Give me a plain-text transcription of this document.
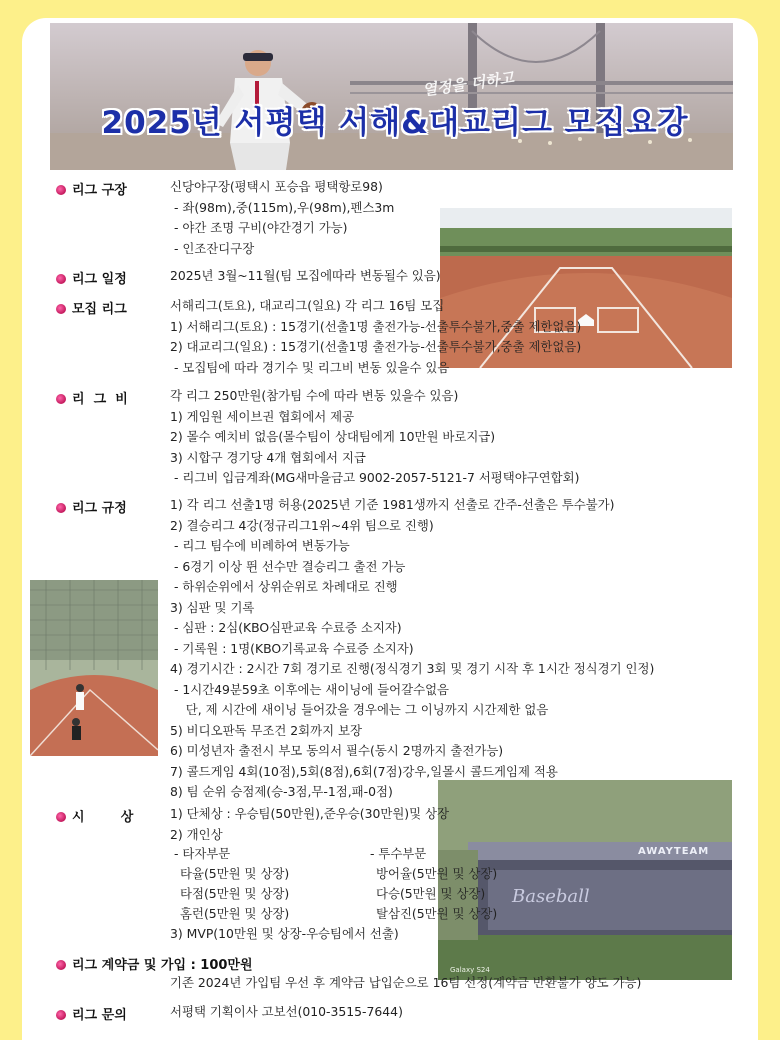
열정을 더하고
2025년 서평택 서해&대교리그 모집요강
AWAYTEAM
Baseball
Galaxy S24
리그 구장
리그 일정
모집 리그
리  그  비
리그 규정
시        상
리그 계약금 및 가입 : 100만원
리그 문의
신당야구장(평택시 포승읍 평택항로98)
- 좌(98m),중(115m),우(98m),펜스3m
- 야간 조명 구비(야간경기 가능)
- 인조잔디구장
2025년 3월~11월(팀 모집에따라 변동될수 있음)
서해리그(토요), 대교리그(일요) 각 리그 16팀 모집
1) 서해리그(토요) : 15경기(선출1명 출전가능-선출투수불가,중출 제한없음)
2) 대교리그(일요) : 15경기(선출1명 출전가능-선출투수불가,중출 제한없음)
- 모집팀에 따라 경기수 및 리그비 변동 있을수 있음
각 리그 250만원(참가팀 수에 따라 변동 있을수 있음)
1) 게임원 세이브권 협회에서 제공
2) 몰수 예치비 없음(몰수팀이 상대팀에게 10만원 바로지급)
3) 시합구 경기당 4개 협회에서 지급
- 리그비 입금계좌(MG새마을금고 9002-2057-5121-7 서평택야구연합회)
1) 각 리그 선출1명 허용(2025년 기준 1981생까지 선출로 간주-선출은 투수불가)
2) 결승리그 4강(정규리그1위~4위 팀으로 진행)
- 리그 팀수에 비례하여 변동가능
- 6경기 이상 뛴 선수만 결승리그 출전 가능
- 하위순위에서 상위순위로 차례대로 진행
3) 심판 및 기록
- 심판 : 2심(KBO심판교육 수료증 소지자)
- 기록원 : 1명(KBO기록교육 수료증 소지자)
4) 경기시간 : 2시간 7회 경기로 진행(정식경기 3회 및 경기 시작 후 1시간 정식경기 인정)
- 1시간49분59초 이후에는 새이닝에 들어갈수없음
단, 제 시간에 새이닝 들어갔을 경우에는 그 이닝까지 시간제한 없음
5) 비디오판독 무조건 2회까지 보장
6) 미성년자 출전시 부모 동의서 필수(동시 2명까지 출전가능)
7) 콜드게임 4회(10점),5회(8점),6회(7점)강우,일몰시 콜드게임제 적용
8) 팀 순위 승점제(승-3점,무-1점,패-0점)
1) 단체상 : 우승팀(50만원),준우승(30만원)및 상장
2) 개인상
- 타자부문	- 투수부문
타율(5만원 및 상장)
타점(5만원 및 상장)
홈런(5만원 및 상장)
방어율(5만원 및 상장)
다승(5만원 및 상장)
탈삼진(5만원 및 상장)
3) MVP(10만원 및 상장-우승팀에서 선출)
기존 2024년 가입팀 우선 후 계약금 납입순으로 16팀 선정(계약금 반환불가 양도 가능)
서평택 기획이사 고보선(010-3515-7644)
